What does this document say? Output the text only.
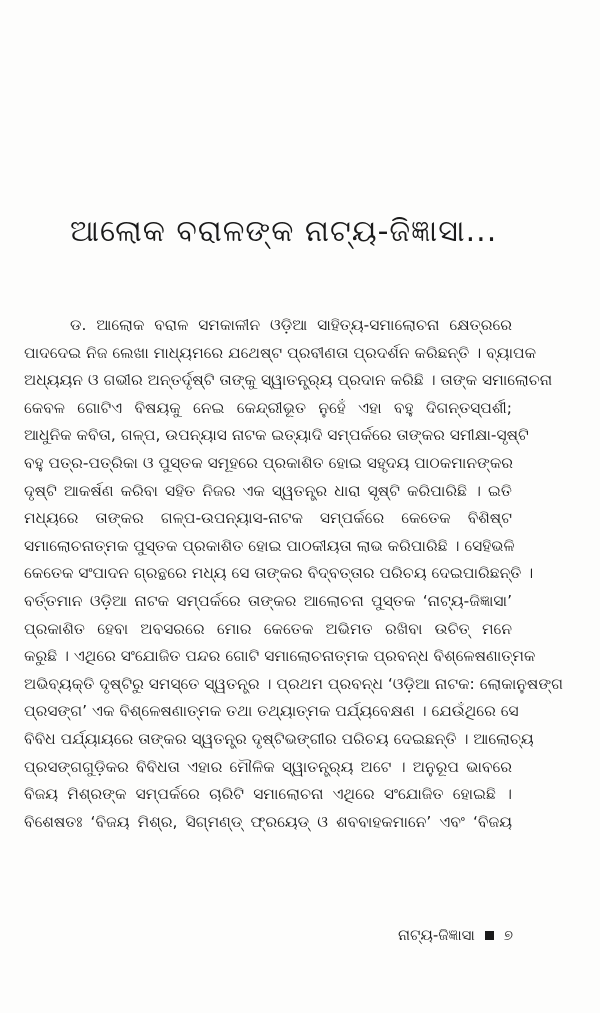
ଆଲୋକ ବରାଳଙ୍କ ନାଟ୍ୟ-ଜିଜ୍ଞାସା...
ଡ. ଆଲୋକ ବରାଳ ସମକାଳୀନ ଓଡ଼ିଆ ସାହିତ୍ୟ-ସମାଲୋଚନା କ୍ଷେତ୍ରରେ
ପାଦଦେଇ ନିଜ ଲେଖା ମାଧ୍ୟମରେ ଯଥେଷ୍ଟ ପ୍ରବୀଣତା ପ୍ରଦର୍ଶନ କରିଛନ୍ତି । ବ୍ୟାପକ
ଅଧ୍ୟୟନ ଓ ଗଭୀର ଅନ୍ତର୍ଦୃଷ୍ଟି ତାଙ୍କୁ ସ୍ୱାତନ୍ତ୍ର୍ୟ ପ୍ରଦାନ କରିଛି । ତାଙ୍କ ସମାଲୋଚନା
କେବଳ ଗୋଟିଏ ବିଷୟକୁ ନେଇ କେନ୍ଦ୍ରୀଭୂତ ନୁହେଁ ଏହା ବହୁ ଦିଗନ୍ତସ୍ପର୍ଶୀ;
ଆଧୁନିକ କବିତା, ଗଳ୍ପ, ଉପନ୍ୟାସ ନାଟକ ଇତ୍ୟାଦି ସମ୍ପର୍କରେ ତାଙ୍କର ସମୀକ୍ଷା-ସୃଷ୍ଟି
ବହୁ ପତ୍ର-ପତ୍ରିକା ଓ ପୁସ୍ତକ ସମୂହରେ ପ୍ରକାଶିତ ହୋଇ ସହୃଦୟ ପାଠକମାନଙ୍କର
ଦୃଷ୍ଟି ଆକର୍ଷଣ କରିବା ସହିତ ନିଜର ଏକ ସ୍ୱତନ୍ତ୍ର ଧାରା ସୃଷ୍ଟି କରିପାରିଛି । ଇତି
ମଧ୍ୟରେ ତାଙ୍କର ଗଳ୍ପ-ଉପନ୍ୟାସ-ନାଟକ ସମ୍ପର୍କରେ କେତେକ ବିଶିଷ୍ଟ
ସମାଲୋଚନାତ୍ମକ ପୁସ୍ତକ ପ୍ରକାଶିତ ହୋଇ ପାଠକୀୟତା ଲାଭ କରିପାରିଛି । ସେହିଭଳି
କେତେକ ସଂପାଦନ ଗ୍ରନ୍ଥରେ ମଧ୍ୟ ସେ ତାଙ୍କର ବିଦ୍‌ବତ୍ତାର ପରିଚୟ ଦେଇପାରିଛନ୍ତି ।
ବର୍ତ୍ତମାନ ଓଡ଼ିଆ ନାଟକ ସମ୍ପର୍କରେ ତାଙ୍କର ଆଲୋଚନା ପୁସ୍ତକ ‘ନାଟ୍ୟ-ଜିଜ୍ଞାସା’
ପ୍ରକାଶିତ ହେବା ଅବସରରେ ମୋର କେତେକ ଅଭିମତ ରଖିବା ଉଚିତ୍ ମନେ
କରୁଛି । ଏଥିରେ ସଂଯୋଜିତ ପନ୍ଦର ଗୋଟି ସମାଲୋଚନାତ୍ମକ ପ୍ରବନ୍ଧ ବିଶ୍ଳେଷଣାତ୍ମକ
ଅଭିବ୍ୟକ୍ତି ଦୃଷ୍ଟିରୁ ସମସ୍ତେ ସ୍ୱତନ୍ତ୍ର । ପ୍ରଥମ ପ୍ରବନ୍ଧ ‘ଓଡ଼ିଆ ନାଟକ: ଲୋକାନୁଷଙ୍ଗ
ପ୍ରସଙ୍ଗ’ ଏକ ବିଶ୍ଳେଷଣାତ୍ମକ ତଥା ତଥ୍ୟାତ୍ମକ ପର୍ଯ୍ୟବେକ୍ଷଣ । ଯେଉଁଥିରେ ସେ
ବିବିଧ ପର୍ଯ୍ୟାୟରେ ତାଙ୍କର ସ୍ୱତନ୍ତ୍ର ଦୃଷ୍ଟିଭଙ୍ଗୀର ପରିଚୟ ଦେଇଛନ୍ତି । ଆଲୋଚ୍ୟ
ପ୍ରସଙ୍ଗଗୁଡ଼ିକର ବିବିଧତା ଏହାର ମୌଳିକ ସ୍ୱାତନ୍ତ୍ର୍ୟ ଅଟେ । ଅନୁରୂପ ଭାବରେ
ବିଜୟ ମିଶ୍ରଙ୍କ ସମ୍ପର୍କରେ ଚାରିଟି ସମାଲୋଚନା ଏଥିରେ ସଂଯୋଜିତ ହୋଇଛି ।
ବିଶେଷତଃ ‘ବିଜୟ ମିଶ୍ର, ସିଗ୍‌ମଣ୍ଡ୍ ଫ୍ରୟେଡ୍ ଓ ଶବବାହକମାନେ’ ଏବଂ ‘ବିଜୟ
ନାଟ୍ୟ-ଜିଜ୍ଞାସା ୭
